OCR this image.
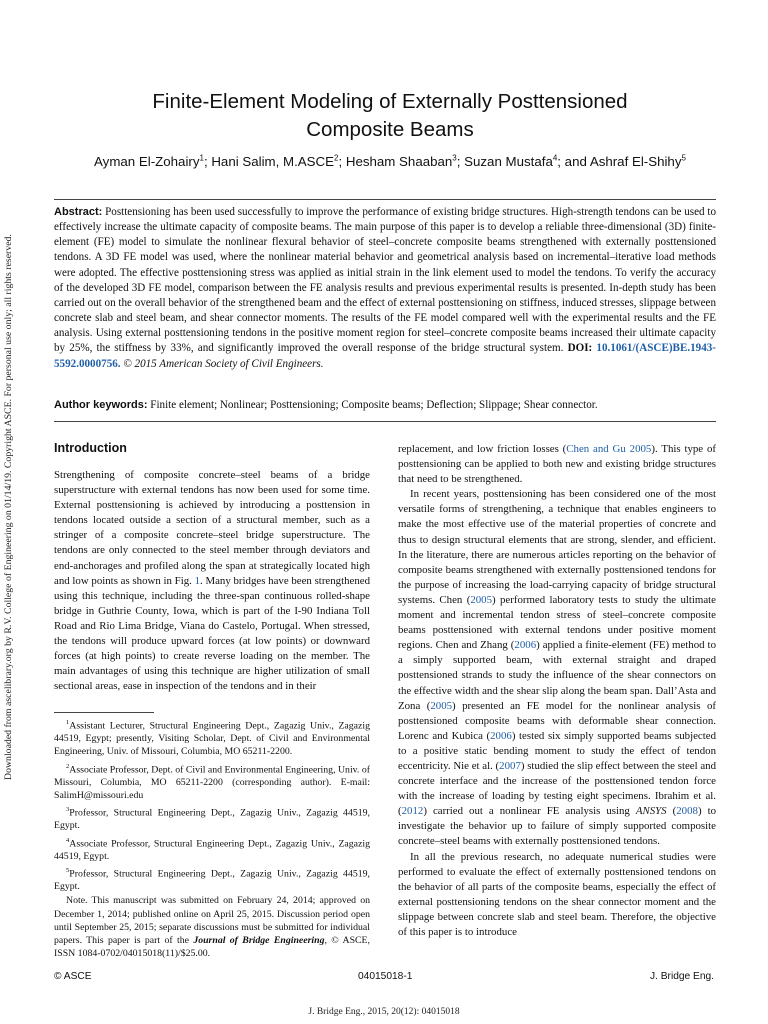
Downloaded from ascelibrary.org by R.V. College of Engineering on 01/14/19. Copyright ASCE. For personal use only; all rights reserved.
Finite-Element Modeling of Externally Posttensioned
Composite Beams
Ayman El-Zohairy$^1$; Hani Salim, M.ASCE$^2$; Hesham Shaaban$^3$; Suzan Mustafa$^4$; and Ashraf El-Shihy$^5$
Abstract: Posttensioning has been used successfully to improve the performance of existing bridge structures. High-strength tendons can be used to effectively increase the ultimate capacity of composite beams. The main purpose of this paper is to develop a reliable three-dimensional (3D) finite-element (FE) model to simulate the nonlinear flexural behavior of steel–concrete composite beams strengthened with externally posttensioned tendons. A 3D FE model was used, where the nonlinear material behavior and geometrical analysis based on incremental–iterative load methods were adopted. The effective posttensioning stress was applied as initial strain in the link element used to model the tendons. To verify the accuracy of the developed 3D FE model, comparison between the FE analysis results and previous experimental results is presented. In-depth study has been carried out on the overall behavior of the strengthened beam and the effect of external posttensioning on stiffness, induced stresses, slippage between concrete slab and steel beam, and shear connector moments. The results of the FE model compared well with the experimental results and the FE analysis. Using external posttensioning tendons in the positive moment region for steel–concrete composite beams increased their ultimate capacity by 25%, the stiffness by 33%, and significantly improved the overall response of the bridge structural system. DOI: 10.1061/(ASCE)BE.1943-5592.0000756. © 2015 American Society of Civil Engineers.
Author keywords: Finite element; Nonlinear; Posttensioning; Composite beams; Deflection; Slippage; Shear connector.
Introduction

Strengthening of composite concrete–steel beams of a bridge superstructure with external tendons has now been used for some time. External posttensioning is achieved by introducing a posttension in tendons located outside a section of a structural member, such as a stringer of a composite concrete–steel bridge superstructure. The tendons are only connected to the steel member through deviators and end-anchorages and profiled along the span at strategically located high and low points as shown in Fig. 1. Many bridges have been strengthened using this technique, including the three-span continuous rolled-shape bridge in Guthrie County, Iowa, which is part of the I-90 Indiana Toll Road and Rio Lima Bridge, Viana do Castelo, Portugal. When stressed, the tendons will produce upward forces (at low points) or downward forces (at high points) to create reverse loading on the member. The main advantages of using this technique are higher utilization of small sectional areas, ease in inspection of the tendons and in their

$^1$Assistant Lecturer, Structural Engineering Dept., Zagazig Univ., Zagazig 44519, Egypt; presently, Visiting Scholar, Dept. of Civil and Environmental Engineering, Univ. of Missouri, Columbia, MO 65211-2200.

$^2$Associate Professor, Dept. of Civil and Environmental Engineering, Univ. of Missouri, Columbia, MO 65211-2200 (corresponding author). E-mail: SalimH@missouri.edu

$^3$Professor, Structural Engineering Dept., Zagazig Univ., Zagazig 44519, Egypt.

$^4$Associate Professor, Structural Engineering Dept., Zagazig Univ., Zagazig 44519, Egypt.

$^5$Professor, Structural Engineering Dept., Zagazig Univ., Zagazig 44519, Egypt.

Note. This manuscript was submitted on February 24, 2014; approved on December 1, 2014; published online on April 25, 2015. Discussion period open until September 25, 2015; separate discussions must be submitted for individual papers. This paper is part of the Journal of Bridge Engineering, © ASCE, ISSN 1084-0702/04015018(11)/$25.00.

replacement, and low friction losses (Chen and Gu 2005). This type of posttensioning can be applied to both new and existing bridge structures that need to be strengthened.

In recent years, posttensioning has been considered one of the most versatile forms of strengthening, a technique that enables engineers to make the most effective use of the material properties of concrete and thus to design structural elements that are strong, slender, and efficient. In the literature, there are numerous articles reporting on the behavior of composite beams strengthened with externally posttensioned tendons for the purpose of increasing the load-carrying capacity of bridge structural systems. Chen (2005) performed laboratory tests to study the ultimate moment and incremental tendon stress of steel–concrete composite beams posttensioned with external tendons under positive moment regions. Chen and Zhang (2006) applied a finite-element (FE) method to a simply supported beam, with external straight and draped posttensioned strands to study the influence of the shear connectors on the effective width and the shear slip along the beam span. Dall’Asta and Zona (2005) presented an FE model for the nonlinear analysis of posttensioned composite beams with deformable shear connection. Lorenc and Kubica (2006) tested six simply supported beams subjected to a positive static bending moment to study the effect of tendon eccentricity. Nie et al. (2007) studied the slip effect between the steel and concrete interface and the increase of the posttensioned tendon force with the increase of loading by testing eight specimens. Ibrahim et al. (2012) carried out a nonlinear FE analysis using ANSYS (2008) to investigate the behavior up to failure of simply supported composite concrete–steel beams with externally posttensioned tendons.

In all the previous research, no adequate numerical studies were performed to evaluate the effect of externally posttensioned tendons on the behavior of all parts of the composite beams, especially the effect of external posttensioning tendons on the shear connector moment and the slippage between concrete slab and steel beam. Therefore, the objective of this paper is to introduce

© ASCE	04015018-1	J. Bridge Eng.
J. Bridge Eng., 2015, 20(12): 04015018
